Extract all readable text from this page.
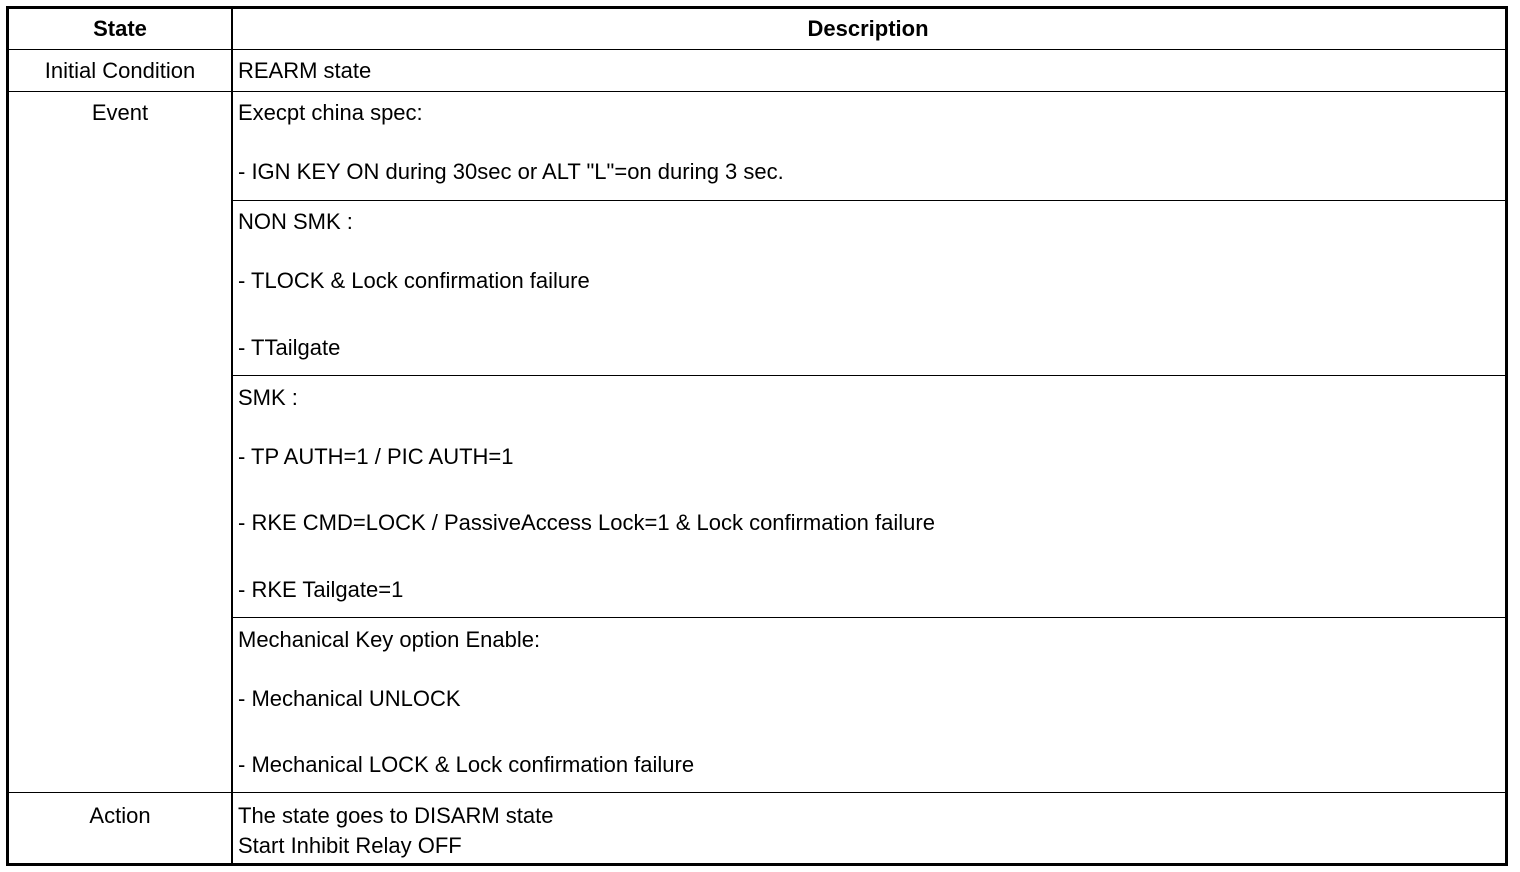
State	Description
Initial Condition	REARM state
Event	Execpt china spec:
- IGN KEY ON during 30sec or ALT "L"=on during 3 sec.
NON SMK :
- TLOCK & Lock confirmation failure
- TTailgate
SMK :
- TP AUTH=1 / PIC AUTH=1
- RKE CMD=LOCK / PassiveAccess Lock=1 & Lock confirmation failure
- RKE Tailgate=1
Mechanical Key option Enable:
- Mechanical UNLOCK
- Mechanical LOCK & Lock confirmation failure
Action	The state goes to DISARM state
Start Inhibit Relay OFF
